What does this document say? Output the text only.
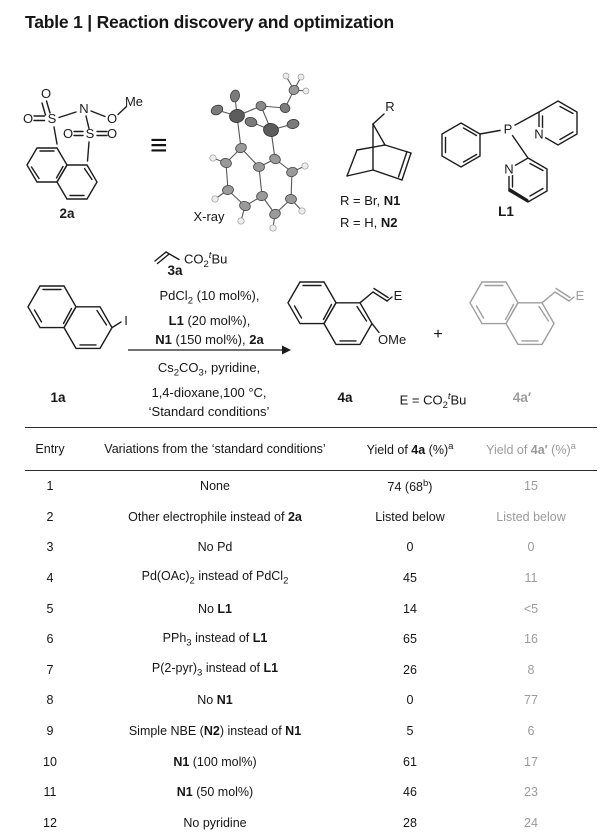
Table 1 | Reaction discovery and optimization
O
O S
N
O
Me
O S O
2a
≡
X-ray
R
R = Br, N1
R = H, N2
P N
N
L1
I
1a
$CO_2^tBu$
3a
PdCl$_2$ (10 mol%),
L1 (20 mol%),
N1 (150 mol%), 2a
$Cs_2CO_3$, pyridine,
1,4-dioxane,100 °C,
‘Standard conditions’
E
OMe
4a
+
E
$E = CO_2^tBu$	4a′
Entry	Variations from the ‘standard conditions’	Yield of 4a (%)$^a$	Yield of 4a′ (%)$^a$
1	None	74 (68$^b$)	15
2	Other electrophile instead of 2a	Listed below	Listed below
3	No Pd	0	0
4	$Pd(OAc)_2$ instead of PdCl$_2$	45	11
5	No L1	14	<5
6	PPh$_3$ instead of L1	65	16
7	$P(2-pyr)_3$ instead of L1	26	8
8	No N1	0	77
9	Simple NBE (N2) instead of N1	5	6
10	N1 (100 mol%)	61	17
11	N1 (50 mol%)	46	23
12	No pyridine	28	24
